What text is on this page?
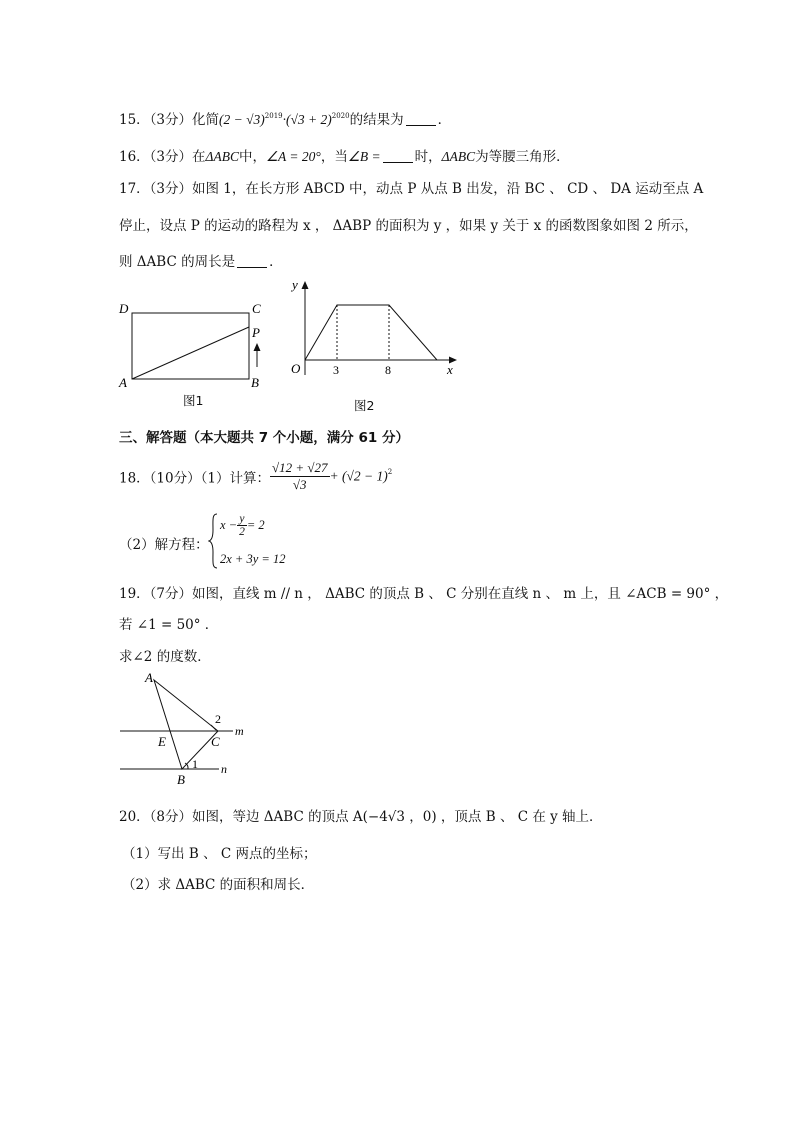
15．（3分）化简$(2 - √3)^{2019}\cdot(√3 + 2)^{2020}$的结果为	．
16．（3分）在ΔABC中，∠A = 20°，当∠B =	时，ΔABC为等腰三角形．
17．（3分）如图 1，在长方形 ABCD 中，动点 P 从点 B 出发，沿 BC 、 CD 、 DA 运动至点 A
停止，设点 P 的运动的路程为 x ， ΔABP 的面积为 y ，如果 y 关于 x 的函数图象如图 2 所示，
则 ΔABC 的周长是	．
D	C
P
A	B
图1
y
O	3	8	x
图2
三、解答题（本大题共 7 个小题，满分 61 分）
18．（10分）（1）计算： $\frac{√12 + √27}{√3} + (√2 - 1)^2$
（2）解方程：
$x - \frac{y}{2} = 2$
2x + 3y = 12
19．（7分）如图，直线 m // n ， ΔABC 的顶点 B 、 C 分别在直线 n 、 m 上，且 ∠ACB = 90° ，
若 ∠1 = 50° ．
求∠2 的度数．
A
E	C
B
2
1
m
n
20．（8分）如图，等边 ΔABC 的顶点 A(−4√3 ，0) ，顶点 B 、 C 在 y 轴上．
（1）写出 B 、 C 两点的坐标；
（2）求 ΔABC 的面积和周长．
